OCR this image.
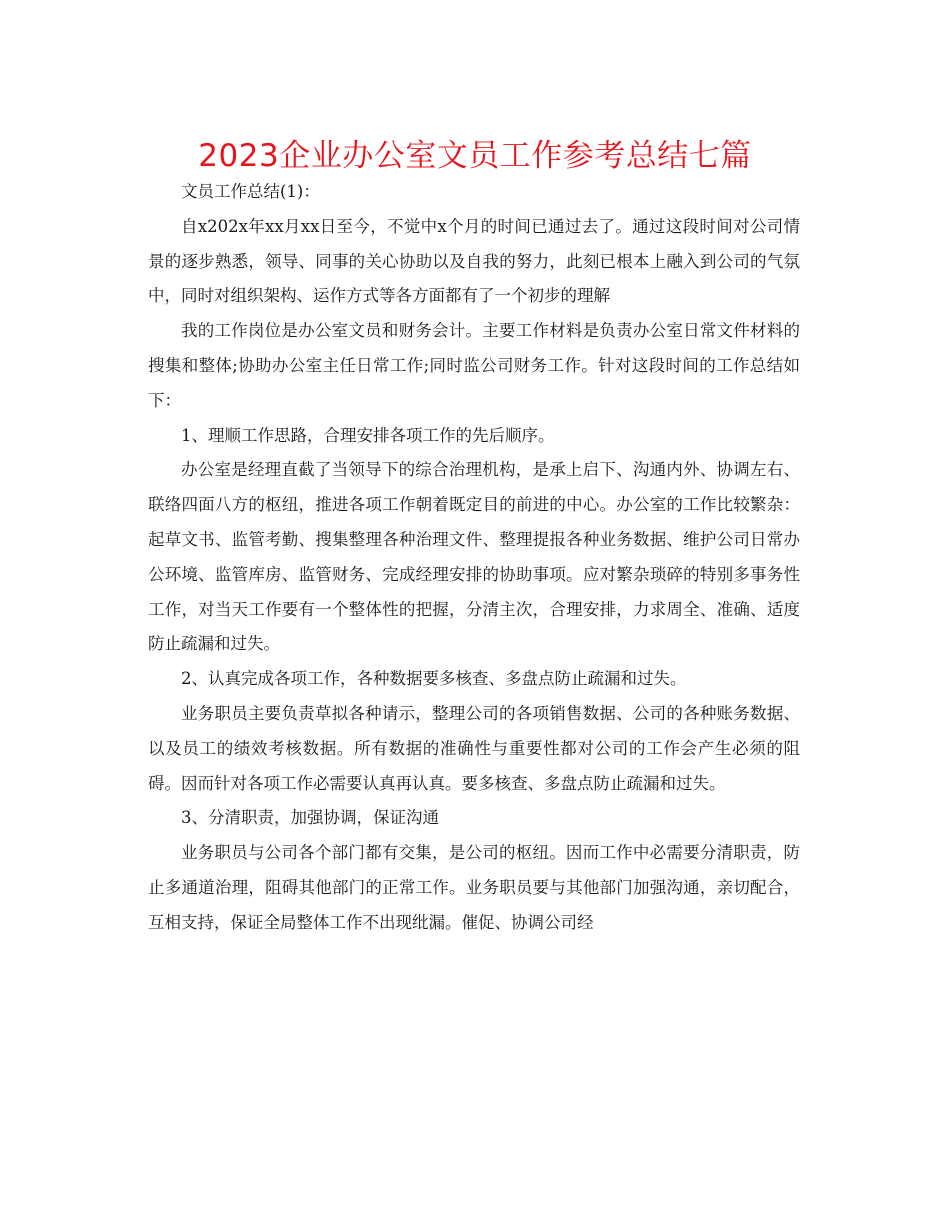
2023企业办公室文员工作参考总结七篇

文员工作总结(1)：

自x202x年xx月xx日至今，不觉中x个月的时间已通过去了。通过这段时间对公司情景的逐步熟悉，领导、同事的关心协助以及自我的努力，此刻已根本上融入到公司的气氛中，同时对组织架构、运作方式等各方面都有了一个初步的理解

我的工作岗位是办公室文员和财务会计。主要工作材料是负责办公室日常文件材料的搜集和整体;协助办公室主任日常工作;同时监公司财务工作。针对这段时间的工作总结如下：

1、理顺工作思路，合理安排各项工作的先后顺序。

办公室是经理直截了当领导下的综合治理机构，是承上启下、沟通内外、协调左右、联络四面八方的枢纽，推进各项工作朝着既定目的前进的中心。办公室的工作比较繁杂：起草文书、监管考勤、搜集整理各种治理文件、整理提报各种业务数据、维护公司日常办公环境、监管库房、监管财务、完成经理安排的协助事项。应对繁杂琐碎的特别多事务性工作，对当天工作要有一个整体性的把握，分清主次，合理安排，力求周全、准确、适度防止疏漏和过失。

2、认真完成各项工作，各种数据要多核查、多盘点防止疏漏和过失。

业务职员主要负责草拟各种请示，整理公司的各项销售数据、公司的各种账务数据、以及员工的绩效考核数据。所有数据的准确性与重要性都对公司的工作会产生必须的阻碍。因而针对各项工作必需要认真再认真。要多核查、多盘点防止疏漏和过失。

3、分清职责，加强协调，保证沟通

业务职员与公司各个部门都有交集，是公司的枢纽。因而工作中必需要分清职责，防止多通道治理，阻碍其他部门的正常工作。业务职员要与其他部门加强沟通，亲切配合，互相支持，保证全局整体工作不出现纰漏。催促、协调公司经
